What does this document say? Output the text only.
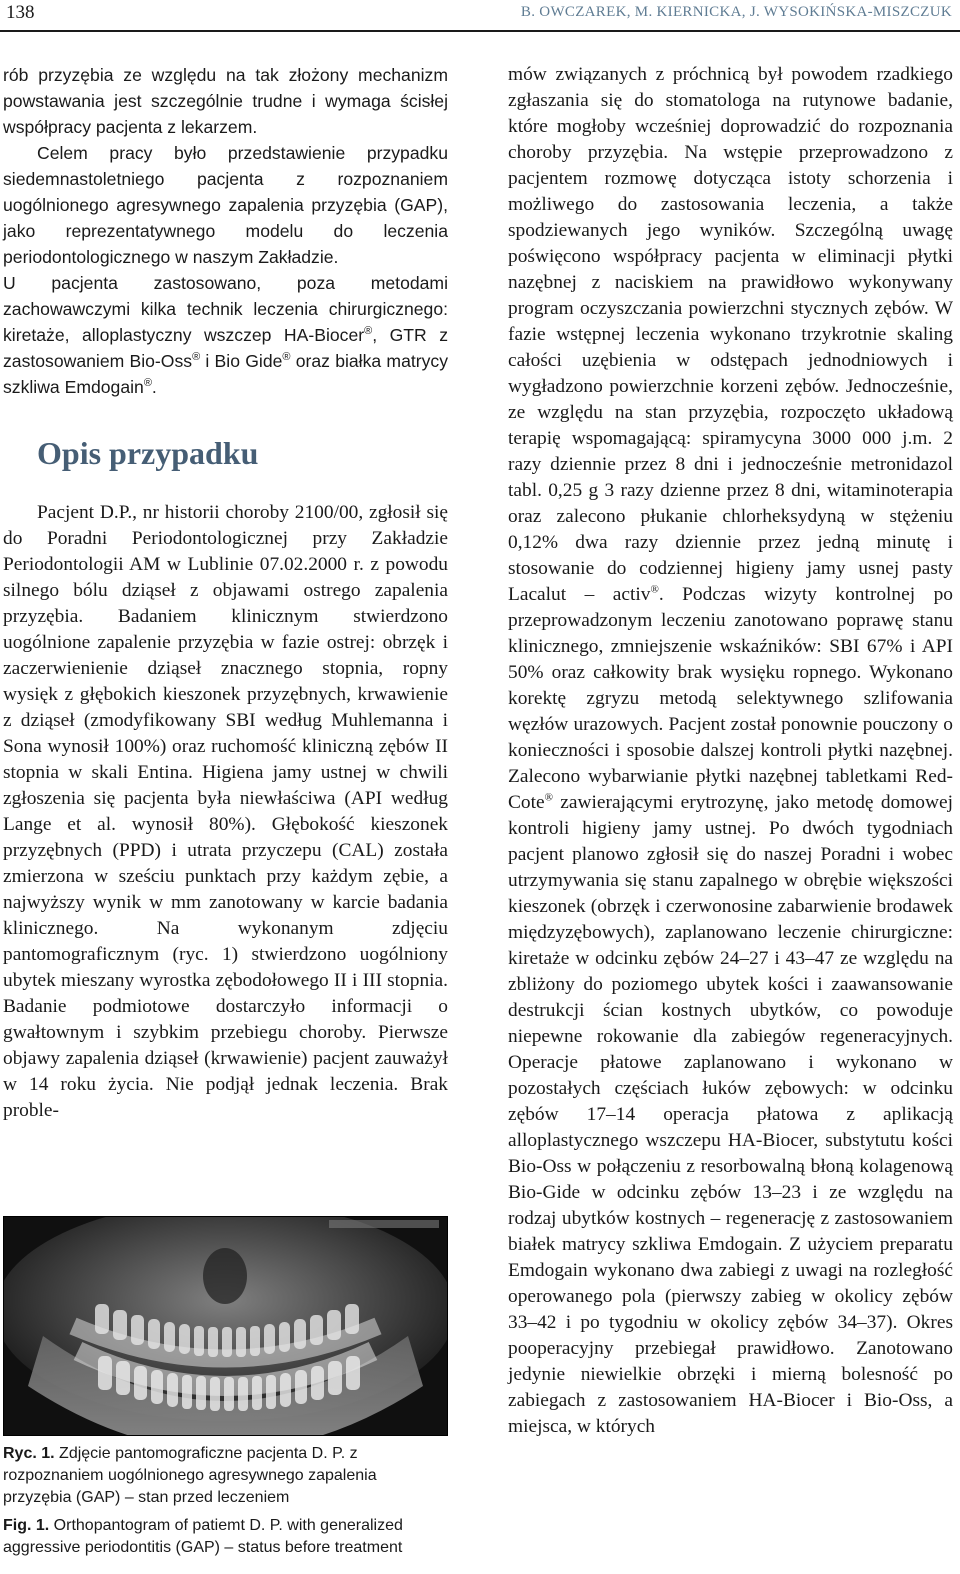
138	B. OWCZAREK, M. KIERNICKA, J. WYSOKIŃSKA-MISZCZUK

rób przyzębia ze względu na tak złożony mechanizm powstawania jest szczególnie trudne i wymaga ścisłej współpracy pacjenta z lekarzem.

Celem pracy było przedstawienie przypadku siedemnastoletniego pacjenta z rozpoznaniem uogólnionego agresywnego zapalenia przyzębia (GAP), jako reprezentatywnego modelu do leczenia periodontologicznego w naszym Zakładzie.

U pacjenta zastosowano, poza metodami zachowawczymi kilka technik leczenia chirurgicznego: kiretaże, alloplastyczny wszczep HA-Biocer®, GTR z zastosowaniem Bio-Oss® i Bio Gide® oraz białka matrycy szkliwa Emdogain®.

Opis przypadku

Pacjent D.P., nr historii choroby 2100/00, zgłosił się do Poradni Periodontologicznej przy Zakładzie Periodontologii AM w Lublinie 07.02.2000 r. z powodu silnego bólu dziąseł z objawami ostrego zapalenia przyzębia. Badaniem klinicznym stwierdzono uogólnione zapalenie przyzębia w fazie ostrej: obrzęk i zaczerwienienie dziąseł znacznego stopnia, ropny wysięk z głębokich kieszonek przyzębnych, krwawienie z dziąseł (zmodyfikowany SBI według Muhlemanna i Sona wynosił 100%) oraz ruchomość kliniczną zębów II stopnia w skali Entina. Higiena jamy ustnej w chwili zgłoszenia się pacjenta była niewłaściwa (API według Lange et al. wynosił 80%). Głębokość kieszonek przyzębnych (PPD) i utrata przyczepu (CAL) została zmierzona w sześciu punktach przy każdym zębie, a najwyższy wynik w mm zanotowany w karcie badania klinicznego. Na wykonanym zdjęciu pantomograficznym (ryc. 1) stwierdzono uogólniony ubytek mieszany wyrostka zębodołowego II i III stopnia. Badanie podmiotowe dostarczyło informacji o gwałtownym i szybkim przebiegu choroby. Pierwsze objawy zapalenia dziąseł (krwawienie) pacjent zauważył w 14 roku życia. Nie podjął jednak leczenia. Brak proble-

Ryc. 1. Zdjęcie pantomograficzne pacjenta D. P. z rozpoznaniem uogólnionego agresywnego zapalenia przyzębia (GAP) – stan przed leczeniem

Fig. 1. Orthopantogram of patiemt D. P. with generalized aggressive periodontitis (GAP) – status before treatment

mów związanych z próchnicą był powodem rzadkiego zgłaszania się do stomatologa na rutynowe badanie, które mogłoby wcześniej doprowadzić do rozpoznania choroby przyzębia. Na wstępie przeprowadzono z pacjentem rozmowę dotycząca istoty schorzenia i możliwego do zastosowania leczenia, a także spodziewanych jego wyników. Szczególną uwagę poświęcono współpracy pacjenta w eliminacji płytki nazębnej z naciskiem na prawidłowo wykonywany program oczyszczania powierzchni stycznych zębów. W fazie wstępnej leczenia wykonano trzykrotnie skaling całości uzębienia w odstępach jednodniowych i wygładzono powierzchnie korzeni zębów. Jednocześnie, ze względu na stan przyzębia, rozpoczęto układową terapię wspomagającą: spiramycyna 3000 000 j.m. 2 razy dziennie przez 8 dni i jednocześnie metronidazol tabl. 0,25 g 3 razy dzienne przez 8 dni, witaminoterapia oraz zalecono płukanie chlorheksydyną w stężeniu 0,12% dwa razy dziennie przez jedną minutę i stosowanie do codziennej higieny jamy usnej pasty Lacalut – activ®. Podczas wizyty kontrolnej po przeprowadzonym leczeniu zanotowano poprawę stanu klinicznego, zmniejszenie wskaźników: SBI 67% i API 50% oraz całkowity brak wysięku ropnego. Wykonano korektę zgryzu metodą selektywnego szlifowania węzłów urazowych. Pacjent został ponownie pouczony o konieczności i sposobie dalszej kontroli płytki nazębnej. Zalecono wybarwianie płytki nazębnej tabletkami Red-Cote® zawierającymi erytrozynę, jako metodę domowej kontroli higieny jamy ustnej. Po dwóch tygodniach pacjent planowo zgłosił się do naszej Poradni i wobec utrzymywania się stanu zapalnego w obrębie większości kieszonek (obrzęk i czerwonosine zabarwienie brodawek międzyzębowych), zaplanowano leczenie chirurgiczne: kiretaże w odcinku zębów 24–27 i 43–47 ze względu na zbliżony do poziomego ubytek kości i zaawansowanie destrukcji ścian kostnych ubytków, co powoduje niepewne rokowanie dla zabiegów regeneracyjnych. Operacje płatowe zaplanowano i wykonano w pozostałych częściach łuków zębowych: w odcinku zębów 17–14 operacja płatowa z aplikacją alloplastycznego wszczepu HA-Biocer, substytutu kości Bio-Oss w połączeniu z resorbowalną błoną kolagenową Bio-Gide w odcinku zębów 13–23 i ze względu na rodzaj ubytków kostnych – regenerację z zastosowaniem białek matrycy szkliwa Emdogain. Z użyciem preparatu Emdogain wykonano dwa zabiegi z uwagi na rozległość operowanego pola (pierwszy zabieg w okolicy zębów 33–42 i po tygodniu w okolicy zębów 34–37). Okres pooperacyjny przebiegał prawidłowo. Zanotowano jedynie niewielkie obrzęki i mierną bolesność po zabiegach z zastosowaniem HA-Biocer i Bio-Oss, a miejsca, w których
